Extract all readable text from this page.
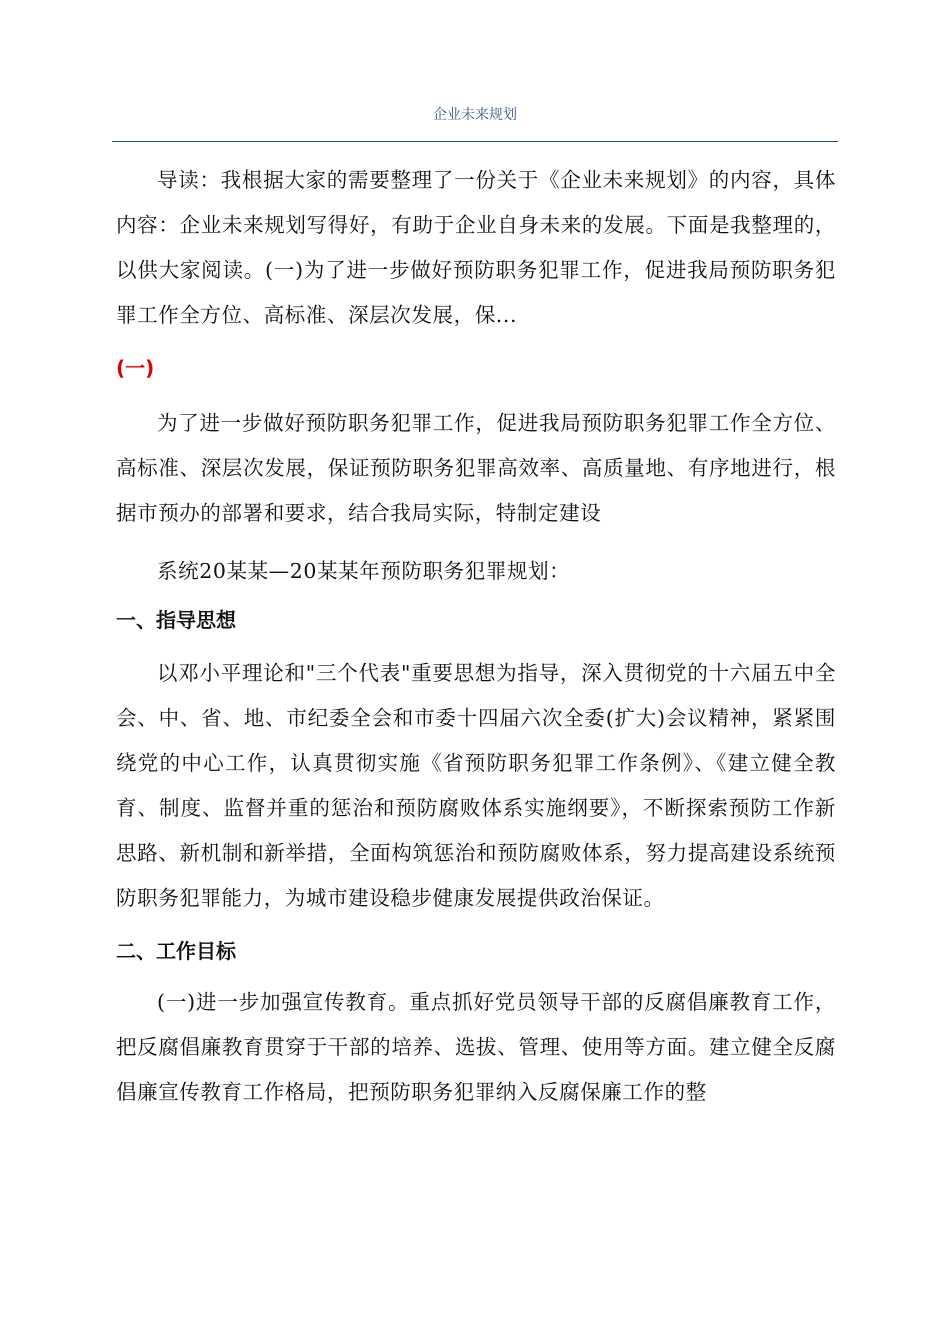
企业未来规划

导读：我根据大家的需要整理了一份关于《企业未来规划》的内容，具体内容：企业未来规划写得好，有助于企业自身未来的发展。下面是我整理的，以供大家阅读。(一)为了进一步做好预防职务犯罪工作，促进我局预防职务犯罪工作全方位、高标准、深层次发展，保...

(一)

为了进一步做好预防职务犯罪工作，促进我局预防职务犯罪工作全方位、高标准、深层次发展，保证预防职务犯罪高效率、高质量地、有序地进行，根据市预办的部署和要求，结合我局实际，特制定建设

系统20某某—20某某年预防职务犯罪规划：

一、指导思想

以邓小平理论和"三个代表"重要思想为指导，深入贯彻党的十六届五中全会、中、省、地、市纪委全会和市委十四届六次全委(扩大)会议精神，紧紧围绕党的中心工作，认真贯彻实施《省预防职务犯罪工作条例》、《建立健全教育、制度、监督并重的惩治和预防腐败体系实施纲要》，不断探索预防工作新思路、新机制和新举措，全面构筑惩治和预防腐败体系，努力提高建设系统预防职务犯罪能力，为城市建设稳步健康发展提供政治保证。

二、工作目标

(一)进一步加强宣传教育。重点抓好党员领导干部的反腐倡廉教育工作，把反腐倡廉教育贯穿于干部的培养、选拔、管理、使用等方面。建立健全反腐倡廉宣传教育工作格局，把预防职务犯罪纳入反腐保廉工作的整
